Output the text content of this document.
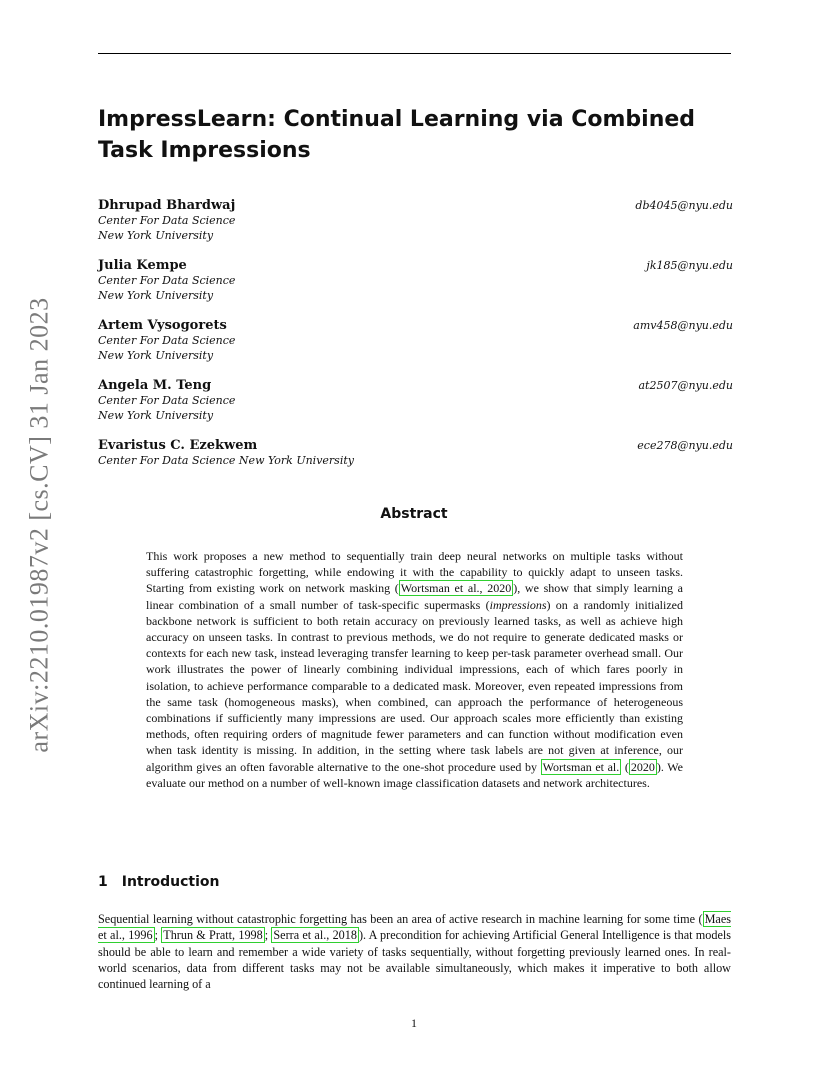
arXiv:2210.01987v2 [cs.CV] 31 Jan 2023
ImpressLearn: Continual Learning via Combined Task Impressions
Dhrupad Bhardwaj	db4045@nyu.edu
Center For Data Science
New York University
Julia Kempe	jk185@nyu.edu
Center For Data Science
New York University
Artem Vysogorets	amv458@nyu.edu
Center For Data Science
New York University
Angela M. Teng	at2507@nyu.edu
Center For Data Science
New York University
Evaristus C. Ezekwem	ece278@nyu.edu
Center For Data Science New York University
Abstract
This work proposes a new method to sequentially train deep neural networks on multiple tasks without suffering catastrophic forgetting, while endowing it with the capability to quickly adapt to unseen tasks. Starting from existing work on network masking ( Wortsman et al., 2020 ), we show that simply learning a linear combination of a small number of task-specific supermasks (impressions) on a randomly initialized backbone network is sufficient to both retain accuracy on previously learned tasks, as well as achieve high accuracy on unseen tasks. In contrast to previous methods, we do not require to generate dedicated masks or contexts for each new task, instead leveraging transfer learning to keep per-task parameter overhead small. Our work illustrates the power of linearly combining individual impressions, each of which fares poorly in isolation, to achieve performance comparable to a dedicated mask. Moreover, even repeated impressions from the same task (homogeneous masks), when combined, can approach the performance of heterogeneous combinations if sufficiently many impressions are used. Our approach scales more efficiently than existing methods, often requiring orders of magnitude fewer parameters and can function without modification even when task identity is missing. In addition, in the setting where task labels are not given at inference, our algorithm gives an often favorable alternative to the one-shot procedure used by Wortsman et al. ( 2020 ). We evaluate our method on a number of well-known image classification datasets and network architectures.
1 Introduction
Sequential learning without catastrophic forgetting has been an area of active research in machine learning for some time ( Maes et al., 1996 ; Thrun & Pratt, 1998 ; Serra et al., 2018 ). A precondition for achieving Artificial General Intelligence is that models should be able to learn and remember a wide variety of tasks sequentially, without forgetting previously learned ones. In real-world scenarios, data from different tasks may not be available simultaneously, which makes it imperative to both allow continued learning of a
1
